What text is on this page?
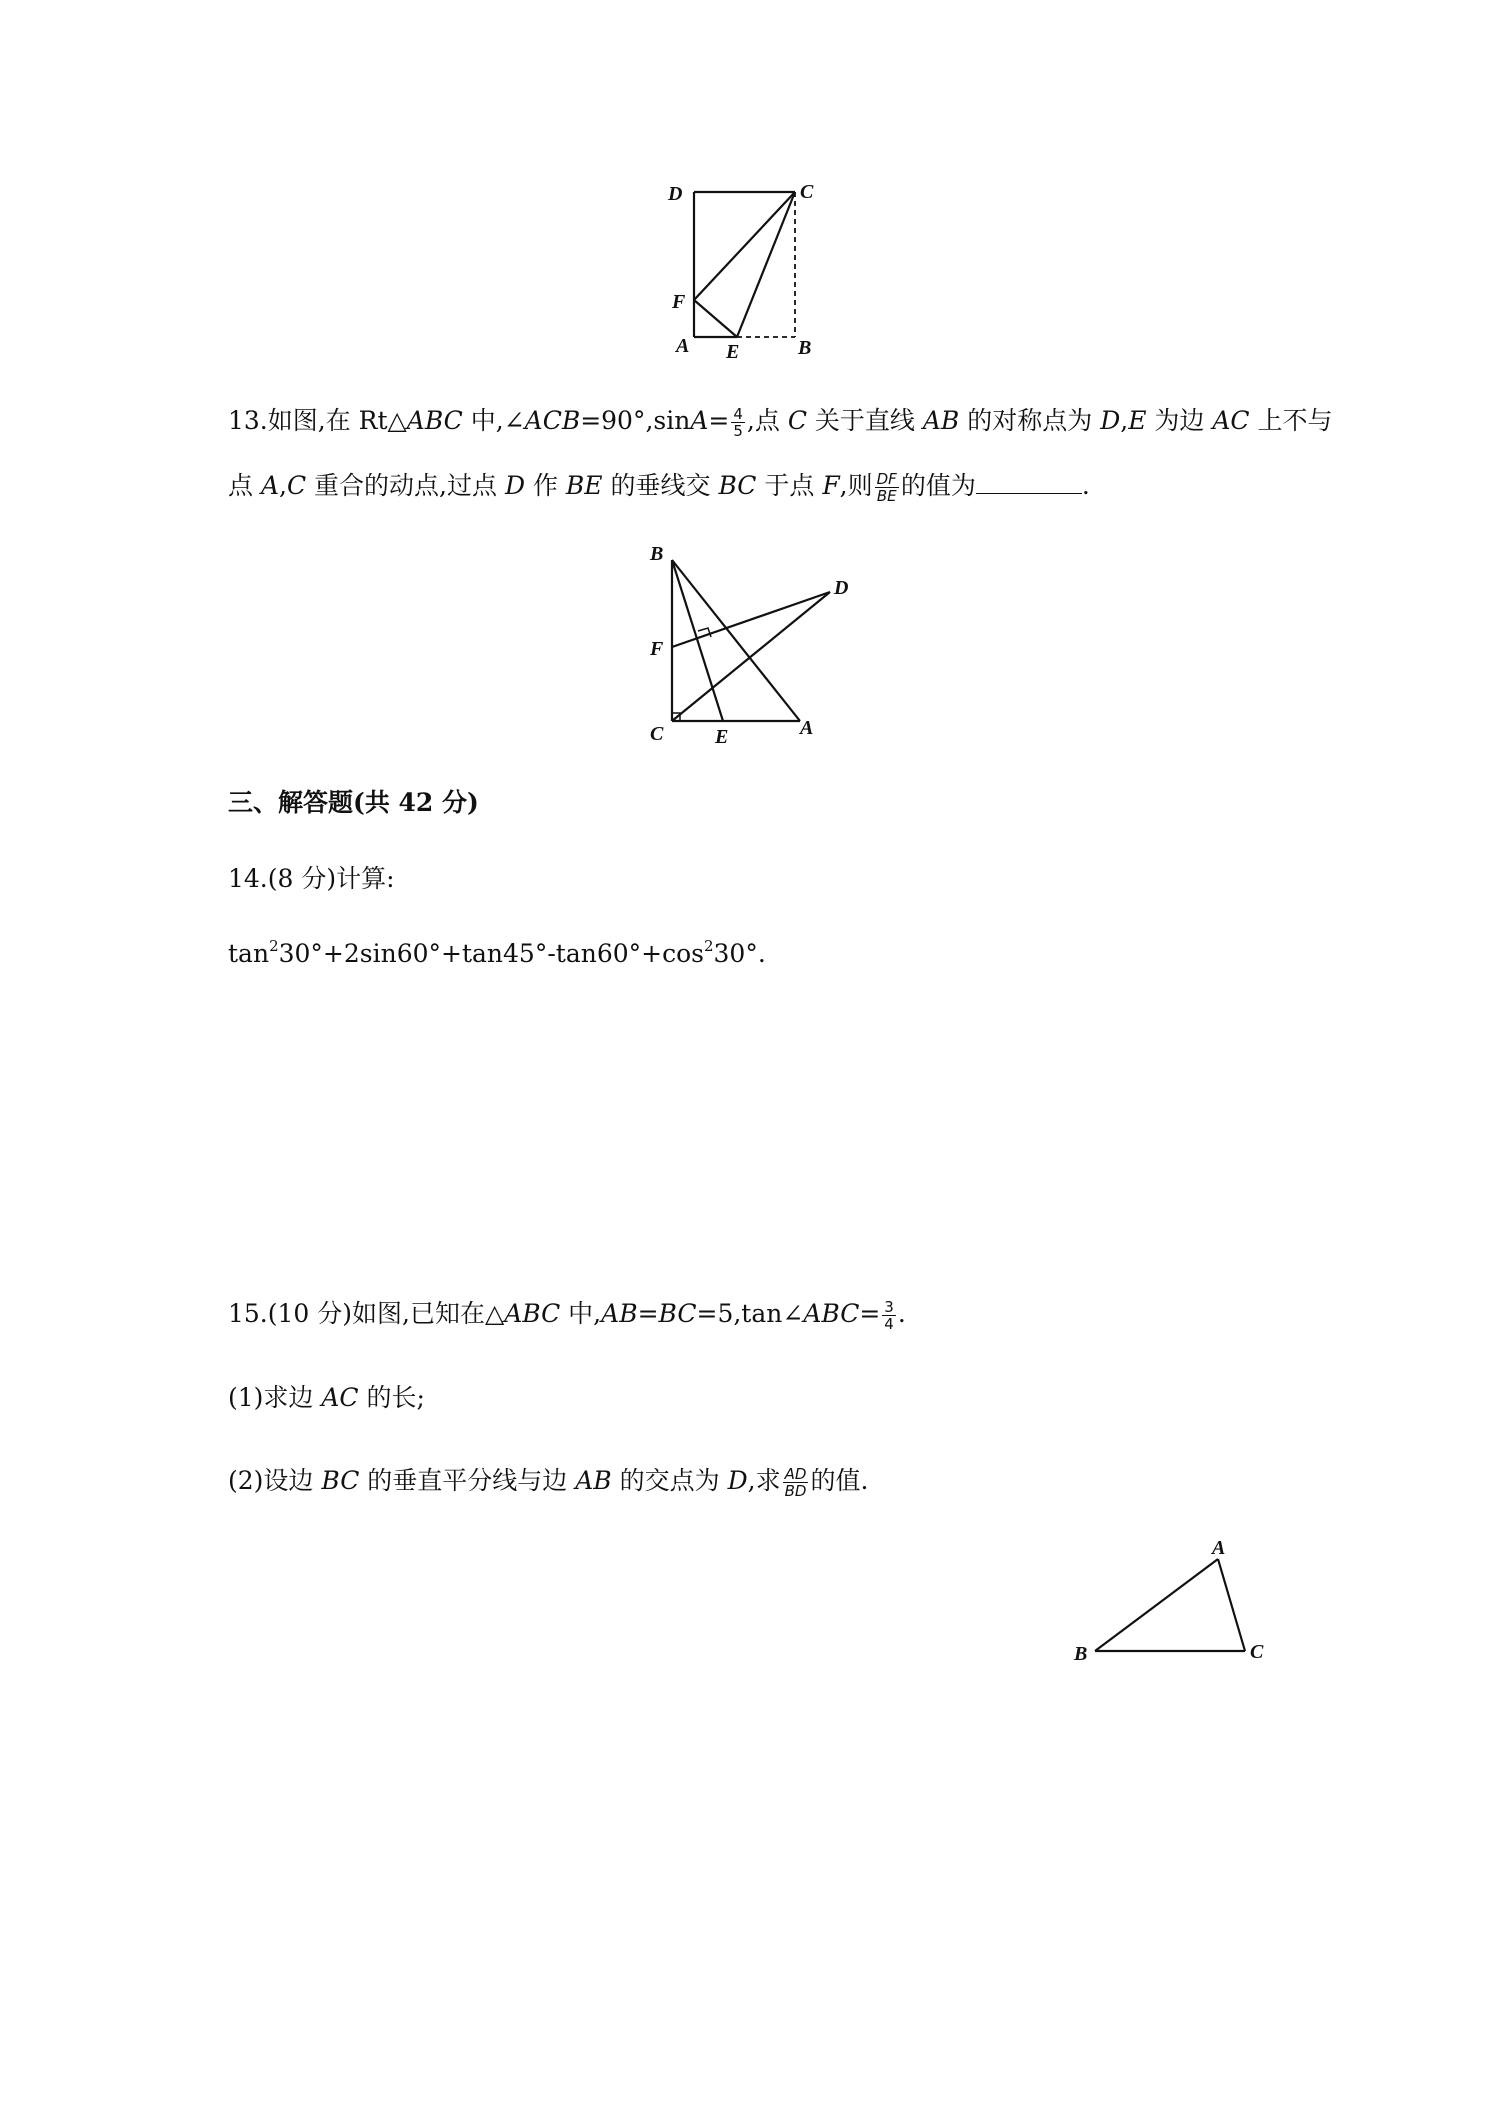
D	C
F
A E	B
13.如图,在 Rt△ABC 中,∠ACB=90°,sinA= $\frac{4}{5}$ ,点 C 关于直线 AB 的对称点为 D,E 为边 AC 上不与
点 A,C 重合的动点,过点 D 作 BE 的垂线交 BC 于点 F,则 $\frac{DF}{BE}$ 的值为	.
B
D
F
C	E	A
三、解答题(共 42 分)
14.(8 分)计算:
$\tan^230^\circ+2\sin 60^\circ+\tan 45^\circ-\tan 60^\circ+\cos^230^\circ$.
15.(10 分)如图,已知在△ABC 中,AB=BC=5,tan∠ABC= $\frac{3}{4}$ .
(1)求边 AC 的长;
(2)设边 BC 的垂直平分线与边 AB 的交点为 D,求 $\frac{AD}{BD}$ 的值.
A
B	C
